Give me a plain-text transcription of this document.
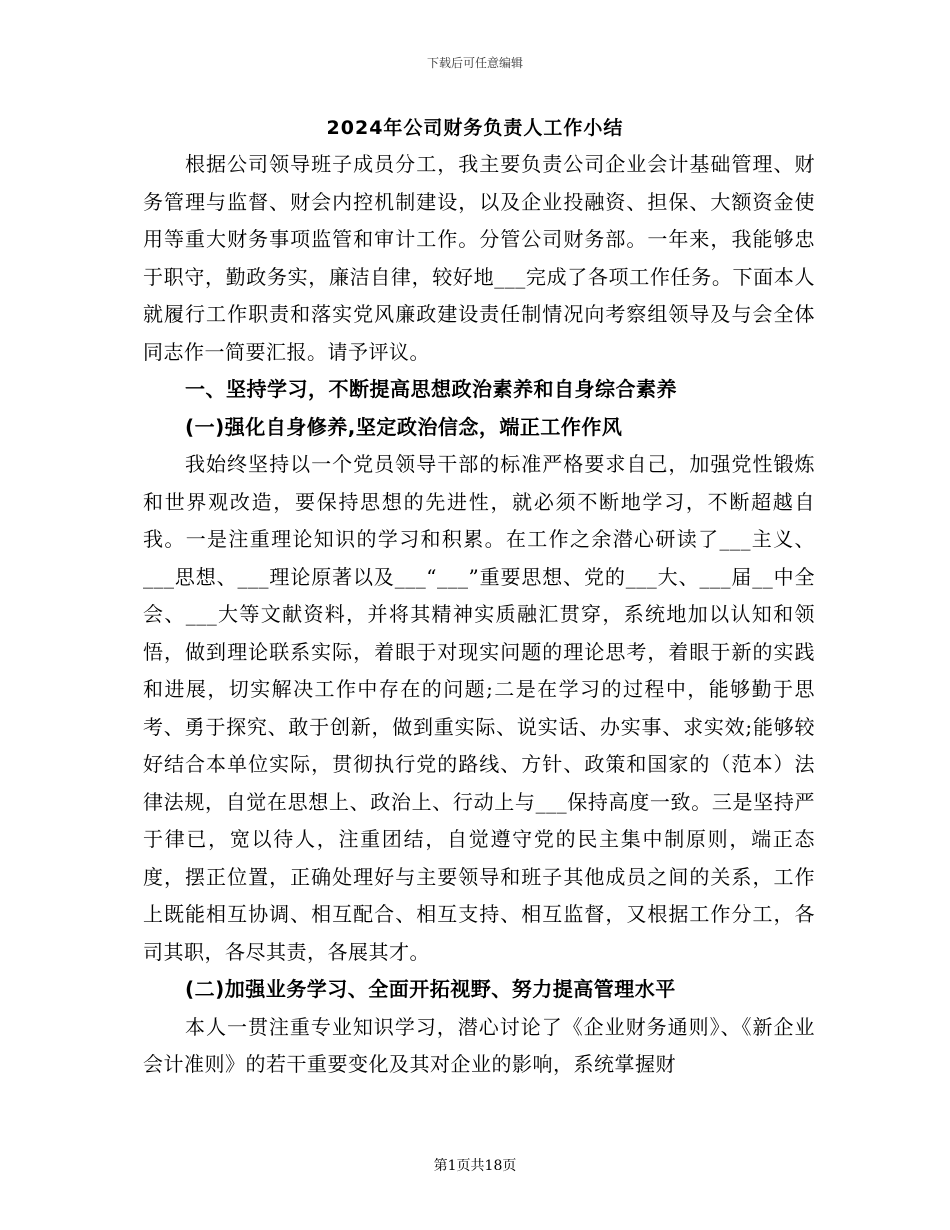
下载后可任意编辑
2024年公司财务负责人工作小结

根据公司领导班子成员分工，我主要负责公司企业会计基础管理、财务管理与监督、财会内控机制建设，以及企业投融资、担保、大额资金使用等重大财务事项监管和审计工作。分管公司财务部。一年来，我能够忠于职守，勤政务实，廉洁自律，较好地___完成了各项工作任务。下面本人就履行工作职责和落实党风廉政建设责任制情况向考察组领导及与会全体同志作一简要汇报。请予评议。

一、坚持学习，不断提高思想政治素养和自身综合素养

(一)强化自身修养,坚定政治信念，端正工作作风

我始终坚持以一个党员领导干部的标准严格要求自己，加强党性锻炼和世界观改造，要保持思想的先进性，就必须不断地学习，不断超越自我。一是注重理论知识的学习和积累。在工作之余潜心研读了___主义、___思想、___理论原著以及___“___”重要思想、党的___大、___届__中全会、___大等文献资料，并将其精神实质融汇贯穿，系统地加以认知和领悟，做到理论联系实际，着眼于对现实问题的理论思考，着眼于新的实践和进展，切实解决工作中存在的问题;二是在学习的过程中，能够勤于思考、勇于探究、敢于创新，做到重实际、说实话、办实事、求实效;能够较好结合本单位实际，贯彻执行党的路线、方针、政策和国家的（范本）法律法规，自觉在思想上、政治上、行动上与___保持高度一致。三是坚持严于律已，宽以待人，注重团结，自觉遵守党的民主集中制原则，端正态度，摆正位置，正确处理好与主要领导和班子其他成员之间的关系，工作上既能相互协调、相互配合、相互支持、相互监督，又根据工作分工，各司其职，各尽其责，各展其才。

(二)加强业务学习、全面开拓视野、努力提高管理水平

本人一贯注重专业知识学习，潜心讨论了《企业财务通则》、《新企业会计准则》的若干重要变化及其对企业的影响，系统掌握财

第1页共18页
